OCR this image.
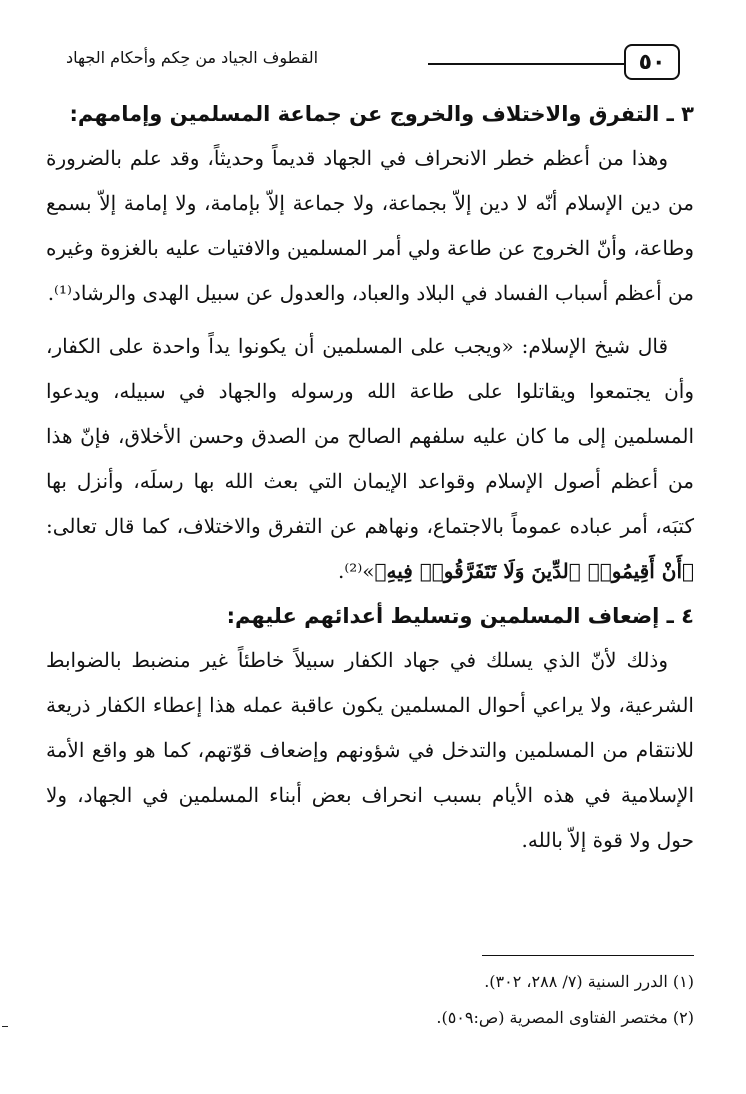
٥٠
القطوف الجياد من حِكم وأحكام الجهاد

٣ ـ التفرق والاختلاف والخروج عن جماعة المسلمين وإمامهم:

وهذا من أعظم خطر الانحراف في الجهاد قديماً وحديثاً، وقد علم بالضرورة من دين الإسلام أنّه لا دين إلاّ بجماعة، ولا جماعة إلاّ بإمامة، ولا إمامة إلاّ بسمع وطاعة، وأنّ الخروج عن طاعة ولي أمر المسلمين والافتيات عليه بالغزوة وغيره من أعظم أسباب الفساد في البلاد والعباد، والعدول عن سبيل الهدى والرشاد⁽¹⁾.

قال شيخ الإسلام: «ويجب على المسلمين أن يكونوا يداً واحدة على الكفار، وأن يجتمعوا ويقاتلوا على طاعة الله ورسوله والجهاد في سبيله، ويدعوا المسلمين إلى ما كان عليه سلفهم الصالح من الصدق وحسن الأخلاق، فإنّ هذا من أعظم أصول الإسلام وقواعد الإيمان التي بعث الله بها رسلَه، وأنزل بها كتبَه، أمر عباده عموماً بالاجتماع، ونهاهم عن التفرق والاختلاف، كما قال تعالى: ﴿أَنْ أَقِيمُوا۟ ٱلدِّينَ وَلَا تَتَفَرَّقُوا۟ فِيهِ﴾»⁽²⁾.

٤ ـ إضعاف المسلمين وتسليط أعدائهم عليهم:

وذلك لأنّ الذي يسلك في جهاد الكفار سبيلاً خاطئاً غير منضبط بالضوابط الشرعية، ولا يراعي أحوال المسلمين يكون عاقبة عمله هذا إعطاء الكفار ذريعة للانتقام من المسلمين والتدخل في شؤونهم وإضعاف قوّتهم، كما هو واقع الأمة الإسلامية في هذه الأيام بسبب انحراف بعض أبناء المسلمين في الجهاد، ولا حول ولا قوة إلاّ بالله.

(١) الدرر السنية (٧/ ٢٨٨، ٣٠٢).

(٢) مختصر الفتاوى المصرية (ص:٥٠٩).
